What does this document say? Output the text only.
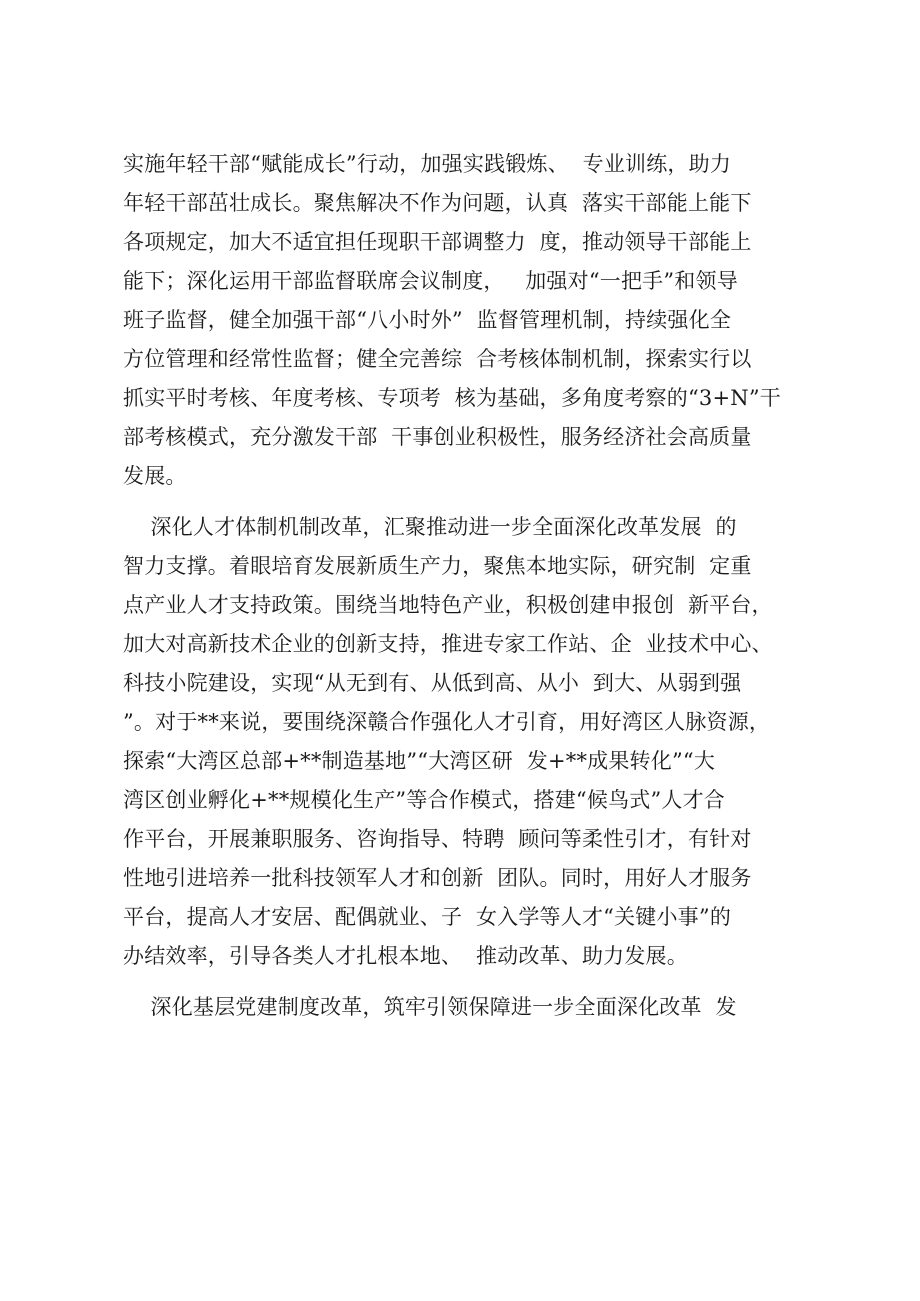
实施年轻干部“赋能成长”行动，加强实践锻炼、  专业训练，助力

年轻干部茁壮成长。聚焦解决不作为问题，认真  落实干部能上能下

各项规定，加大不适宜担任现职干部调整力  度，推动领导干部能上

能下；深化运用干部监督联席会议制度，   加强对“一把手”和领导

班子监督，健全加强干部“八小时外”  监督管理机制，持续强化全

方位管理和经常性监督；健全完善综  合考核体制机制，探索实行以

抓实平时考核、年度考核、专项考  核为基础，多角度考察的“3+N”干

部考核模式，充分激发干部  干事创业积极性，服务经济社会高质量

发展。

深化人才体制机制改革，汇聚推动进一步全面深化改革发展  的

智力支撑。着眼培育发展新质生产力，聚焦本地实际，研究制  定重

点产业人才支持政策。围绕当地特色产业，积极创建申报创  新平台，

加大对高新技术企业的创新支持，推进专家工作站、企  业技术中心、

科技小院建设，实现“从无到有、从低到高、从小  到大、从弱到强

”。对于**来说，要围绕深赣合作强化人才引育，用好湾区人脉资源，

探索“大湾区总部+**制造基地”“大湾区研  发+**成果转化”“大

湾区创业孵化+**规模化生产”等合作模式，搭建“候鸟式”人才合

作平台，开展兼职服务、咨询指导、特聘  顾问等柔性引才，有针对

性地引进培养一批科技领军人才和创新  团队。同时，用好人才服务

平台，提高人才安居、配偶就业、子  女入学等人才“关键小事”的

办结效率，引导各类人才扎根本地、  推动改革、助力发展。

深化基层党建制度改革，筑牢引领保障进一步全面深化改革  发
